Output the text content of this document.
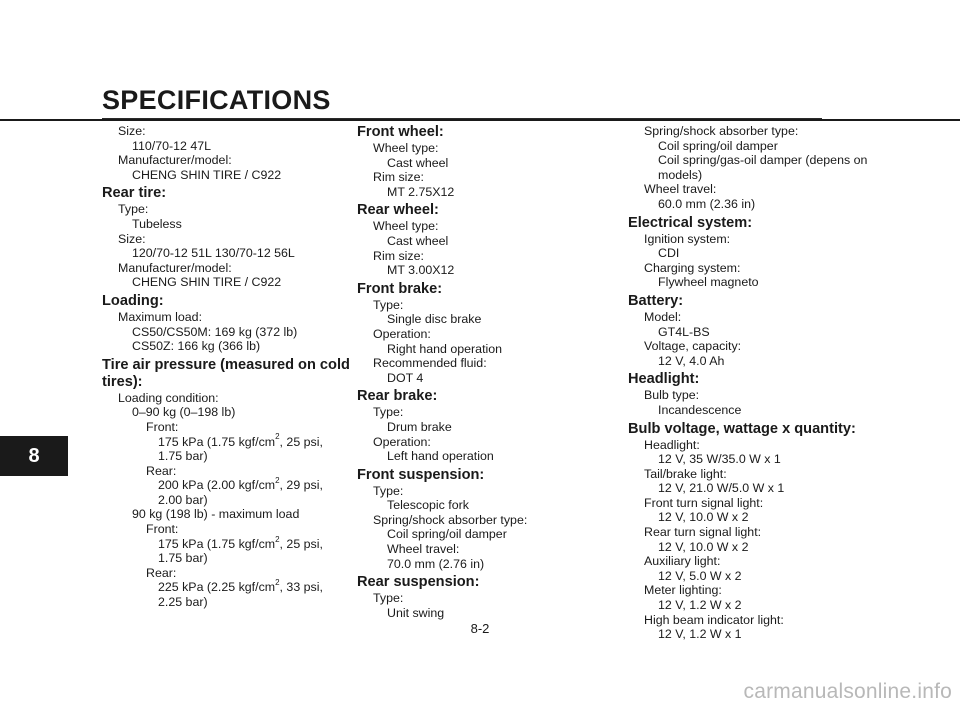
SPECIFICATIONS
8
Size:
110/70-12 47L
Manufacturer/model:
CHENG SHIN TIRE / C922
Rear tire:
Type:
Tubeless
Size:
120/70-12 51L 130/70-12 56L
Manufacturer/model:
CHENG SHIN TIRE / C922
Loading:
Maximum load:
CS50/CS50M: 169 kg (372 lb)
CS50Z: 166 kg (366 lb)
Tire air pressure (measured on cold
tires):
Loading condition:
0–90 kg (0–198 lb)
Front:
175 kPa (1.75 kgf/$cm^2$, 25 psi,
1.75 bar)
Rear:
200 kPa (2.00 kgf/$cm^2$, 29 psi,
2.00 bar)
90 kg (198 lb) - maximum load
Front:
175 kPa (1.75 kgf/$cm^2$, 25 psi,
1.75 bar)
Rear:
225 kPa (2.25 kgf/$cm^2$, 33 psi,
2.25 bar)
Front wheel:
Wheel type:
Cast wheel
Rim size:
MT 2.75X12
Rear wheel:
Wheel type:
Cast wheel
Rim size:
MT 3.00X12
Front brake:
Type:
Single disc brake
Operation:
Right hand operation
Recommended fluid:
DOT 4
Rear brake:
Type:
Drum brake
Operation:
Left hand operation
Front suspension:
Type:
Telescopic fork
Spring/shock absorber type:
Coil spring/oil damper
Wheel travel:
70.0 mm (2.76 in)
Rear suspension:
Type:
Unit swing
Spring/shock absorber type:
Coil spring/oil damper
Coil spring/gas-oil damper (depens on
models)
Wheel travel:
60.0 mm (2.36 in)
Electrical system:
Ignition system:
CDI
Charging system:
Flywheel magneto
Battery:
Model:
GT4L-BS
Voltage, capacity:
12 V, 4.0 Ah
Headlight:
Bulb type:
Incandescence
Bulb voltage, wattage x quantity:
Headlight:
12 V, 35 W/35.0 W x 1
Tail/brake light:
12 V, 21.0 W/5.0 W x 1
Front turn signal light:
12 V, 10.0 W x 2
Rear turn signal light:
12 V, 10.0 W x 2
Auxiliary light:
12 V, 5.0 W x 2
Meter lighting:
12 V, 1.2 W x 2
High beam indicator light:
12 V, 1.2 W x 1
8-2
carmanualsonline.info
